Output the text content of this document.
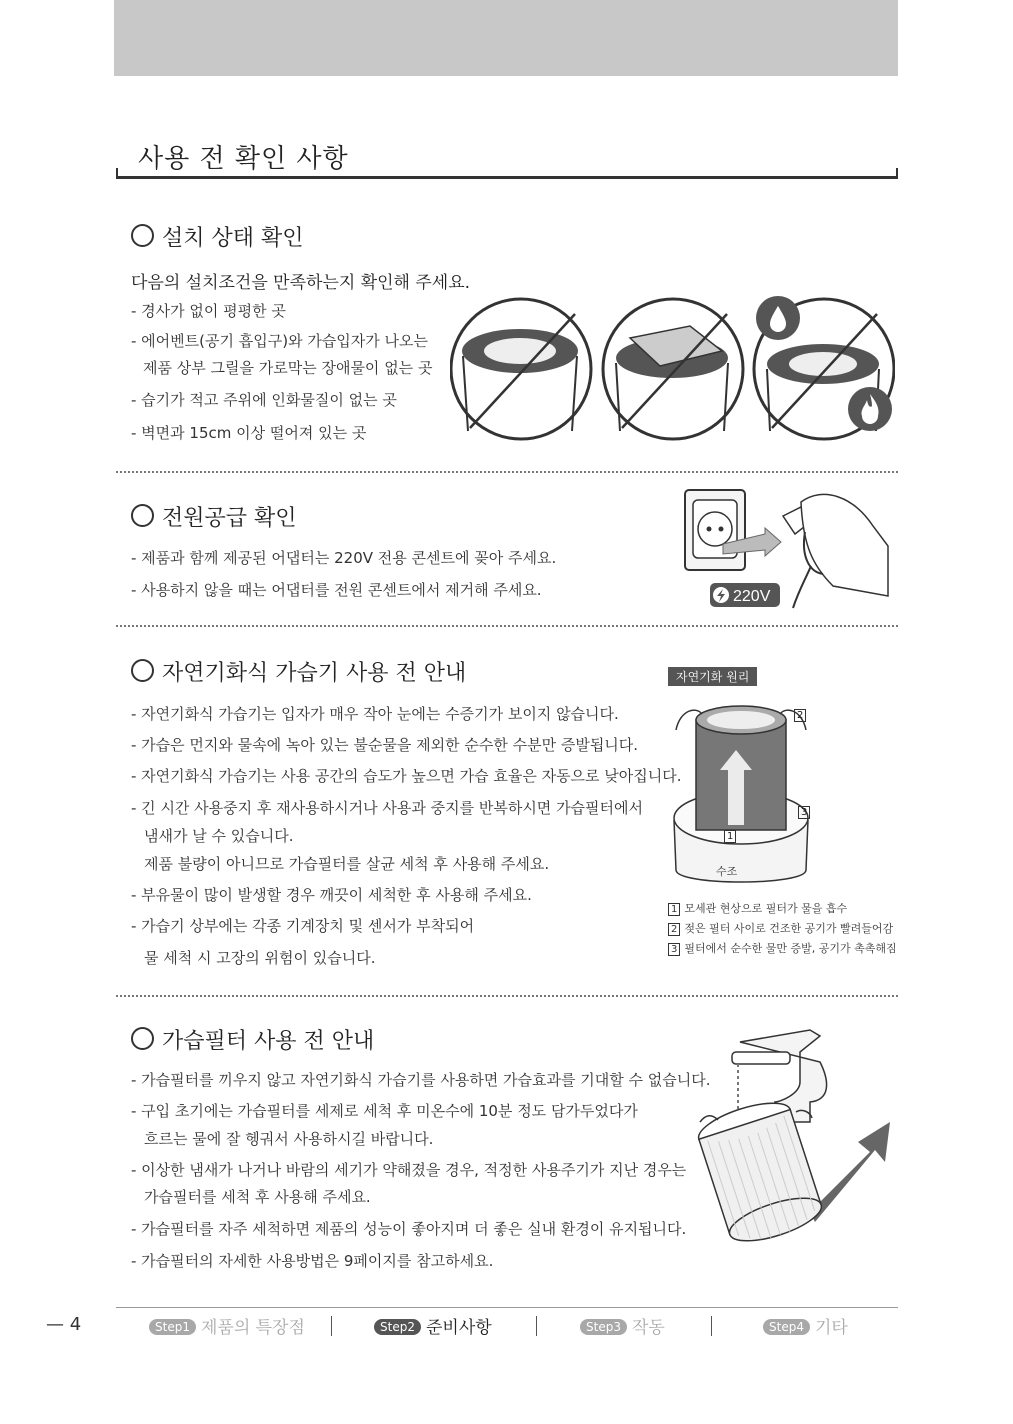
사용 전 확인 사항
설치 상태 확인
다음의 설치조건을 만족하는지 확인해 주세요.
- 경사가 없이 평평한 곳
- 에어벤트(공기 흡입구)와 가습입자가 나오는
제품 상부 그릴을 가로막는 장애물이 없는 곳
- 습기가 적고 주위에 인화물질이 없는 곳
- 벽면과 15cm 이상 떨어져 있는 곳
전원공급 확인
- 제품과 함께 제공된 어댑터는 220V 전용 콘센트에 꽂아 주세요.
- 사용하지 않을 때는 어댑터를 전원 콘센트에서 제거해 주세요.	220V
자연기화식 가습기 사용 전 안내
- 자연기화식 가습기는 입자가 매우 작아 눈에는 수증기가 보이지 않습니다.
- 가습은 먼지와 물속에 녹아 있는 불순물을 제외한 순수한 수분만 증발됩니다.
- 자연기화식 가습기는 사용 공간의 습도가 높으면 가습 효율은 자동으로 낮아집니다.
- 긴 시간 사용중지 후 재사용하시거나 사용과 중지를 반복하시면 가습필터에서
냄새가 날 수 있습니다.
제품 불량이 아니므로 가습필터를 살균 세척 후 사용해 주세요.
- 부유물이 많이 발생할 경우 깨끗이 세척한 후 사용해 주세요.
- 가습기 상부에는 각종 기계장치 및 센서가 부착되어
물 세척 시 고장의 위험이 있습니다.
자연기화 원리
수조
1
2
3
1 모세관 현상으로 필터가 물을 흡수
2 젖은 필터 사이로 건조한 공기가 빨려들어감
3 필터에서 순수한 물만 증발, 공기가 촉촉해짐
가습필터 사용 전 안내
- 가습필터를 끼우지 않고 자연기화식 가습기를 사용하면 가습효과를 기대할 수 없습니다.
- 구입 초기에는 가습필터를 세제로 세척 후 미온수에 10분 정도 담가두었다가
흐르는 물에 잘 헹궈서 사용하시길 바랍니다.
- 이상한 냄새가 나거나 바람의 세기가 약해졌을 경우, 적정한 사용주기가 지난 경우는
가습필터를 세척 후 사용해 주세요.
- 가습필터를 자주 세척하면 제품의 성능이 좋아지며 더 좋은 실내 환경이 유지됩니다.
- 가습필터의 자세한 사용방법은 9페이지를 참고하세요.
— 4	Step1 제품의 특장점	Step2 준비사항	Step3 작동	Step4 기타
